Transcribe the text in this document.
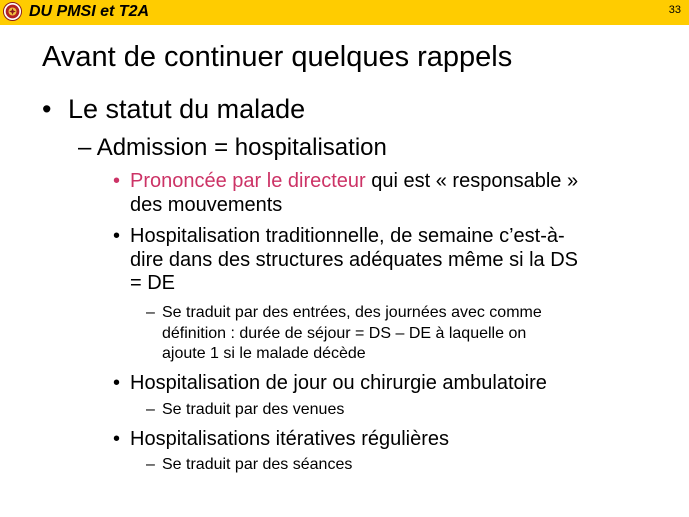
DU PMSI et T2A	33
Avant de continuer quelques rappels
• Le statut du malade
– Admission = hospitalisation
• Prononcée par le directeur qui est « responsable »
des mouvements
• Hospitalisation traditionnelle, de semaine c’est-à-
dire dans des structures adéquates même si la DS
= DE
– Se traduit par des entrées, des journées avec comme
définition : durée de séjour = DS – DE à laquelle on
ajoute 1 si le malade décède
• Hospitalisation de jour ou chirurgie ambulatoire
– Se traduit par des venues
• Hospitalisations itératives régulières
– Se traduit par des séances
